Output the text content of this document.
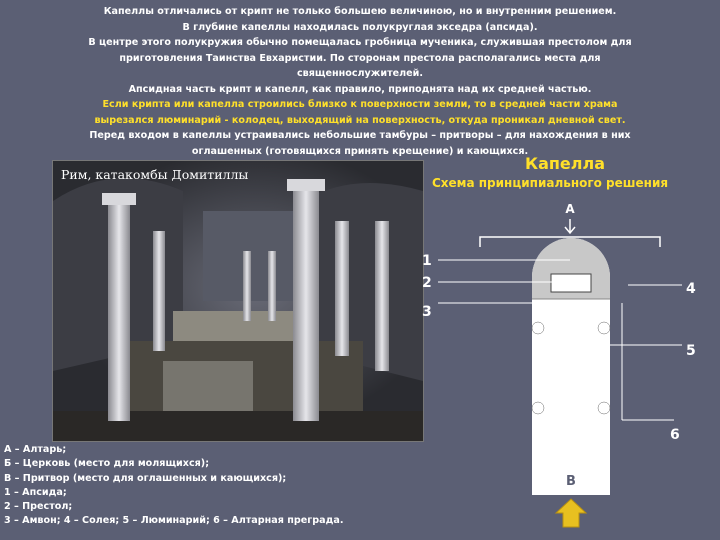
Капеллы отличались от крипт не только большею величиною, но и внутренним решением.
В глубине капеллы находилась полукруглая экседра (апсида).
В центре этого полукружия обычно помещалась гробница мученика, служившая престолом для
приготовления Таинства Евхаристии. По сторонам престола располагались места для
священнослужителей.
Апсидная часть крипт и капелл, как правило, приподнята над их средней частью.
Если крипта или капелла строились близко к поверхности земли, то в средней части храма
вырезался люминарий - колодец, выходящий на поверхность, откуда проникал дневной свет.
Перед входом в капеллы устраивались небольшие тамбуры – притворы – для нахождения в них
оглашенных (готовящихся принять крещение) и кающихся.
Рим, катакомбы Домитиллы
Капелла
Схема принципиального решения
А
1
2
3
4
5
6
Б
В
А – Алтарь;
Б – Церковь (место для молящихся);
В – Притвор (место для оглашенных и кающихся);
1 – Апсида;
2 – Престол;
3 – Амвон; 4 – Солея; 5 – Люминарий; 6 – Алтарная преграда.
